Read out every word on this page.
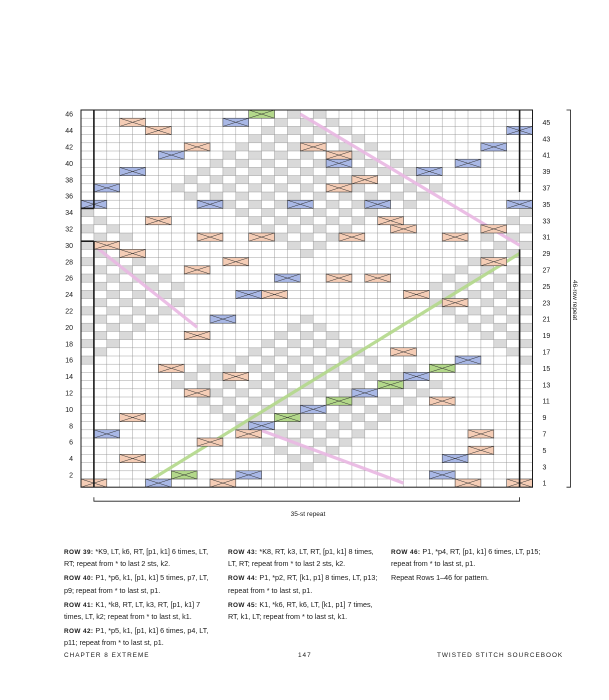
2
4
6
8
10
12
14
16
18
20
22
24
26
28
30
32
34
36
38
40
42
44
46
1
3
5
7
9
11
13
15
17
19
21
23
25
27
29
31
33
35
37
39
41
43
45
35-st repeat
46-row repeat

ROW 39: *K9, LT, k6, RT, [p1, k1] 6 times, LT, RT; repeat from * to last 2 sts, k2.

ROW 40: P1, *p6, k1, [p1, k1] 5 times, p7, LT, p9; repeat from * to last st, p1.

ROW 41: K1, *k8, RT, LT, k3, RT, [p1, k1] 7 times, LT, k2; repeat from * to last st, k1.

ROW 42: P1, *p5, k1, [p1, k1] 6 times, p4, LT, p11; repeat from * to last st, p1.

ROW 43: *K8, RT, k3, LT, RT, [p1, k1] 8 times, LT, RT; repeat from * to last 2 sts, k2.

ROW 44: P1, *p2, RT, [k1, p1] 8 times, LT, p13; repeat from * to last st, p1.

ROW 45: K1, *k6, RT, k6, LT, [k1, p1] 7 times, RT, k1, LT; repeat from * to last st, k1.

ROW 46: P1, *p4, RT, [p1, k1] 6 times, LT, p15; repeat from * to last st, p1.

Repeat Rows 1–46 for pattern.

CHAPTER 8 EXTREME	147	TWISTED STITCH SOURCEBOOK
